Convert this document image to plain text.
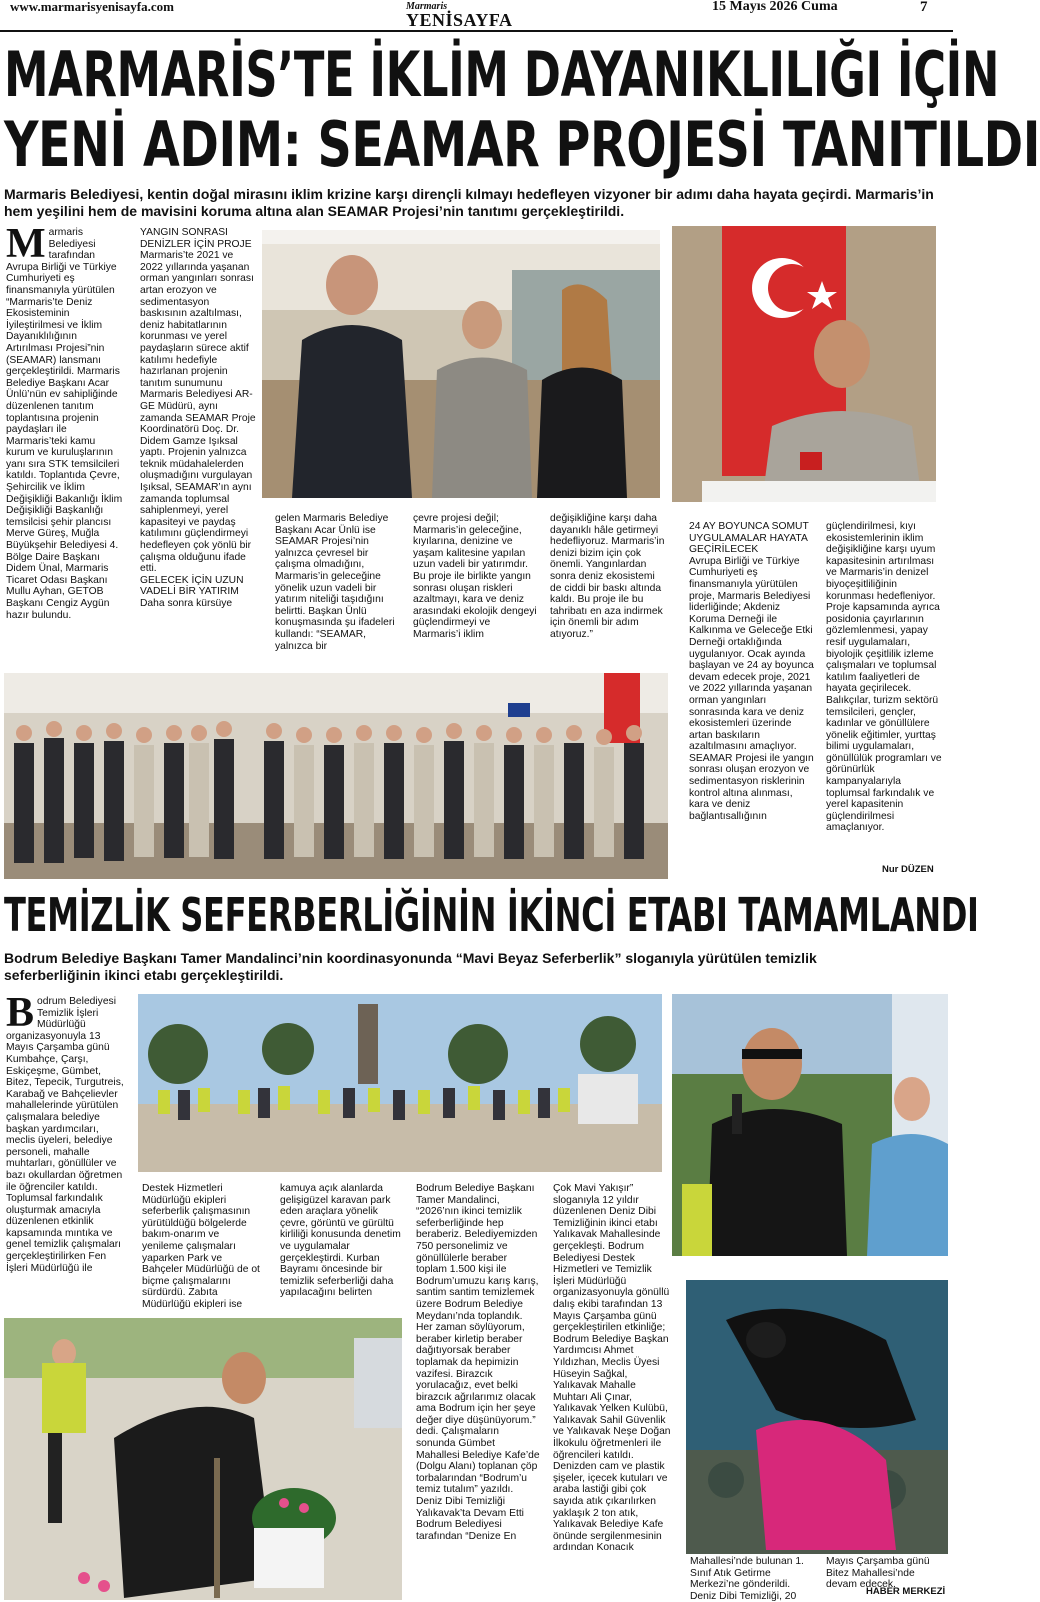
www.marmarisyenisayfa.com	Marmaris
YENİSAYFA
15 Mayıs 2026 Cuma	7
MARMARİS’TE İKLİM DAYANIKLILIĞI İÇİN
YENİ ADIM: SEAMAR PROJESİ TANITILDI
Marmaris Belediyesi, kentin doğal mirasını iklim krizine karşı dirençli kılmayı hedefleyen vizyoner bir adımı daha hayata geçirdi. Marmaris’in hem yeşilini hem de mavisini koruma altına alan SEAMAR Projesi’nin tanıtımı gerçekleştirildi.
Marmaris Belediyesi tarafından Avrupa Birliği ve Türkiye Cumhuriyeti eş finansmanıyla yürütülen “Marmaris’te Deniz Ekosisteminin İyileştirilmesi ve İklim Dayanıklılığının Artırılması Projesi”nin (SEAMAR) lansmanı gerçekleştirildi. Marmaris Belediye Başkanı Acar Ünlü’nün ev sahipliğinde düzenlenen tanıtım toplantısına projenin paydaşları ile Marmaris’teki kamu kurum ve kuruluşlarının yanı sıra STK temsilcileri katıldı. Toplantıda Çevre, Şehircilik ve İklim Değişikliği Bakanlığı İklim Değişikliği Başkanlığı temsilcisi şehir plancısı Merve Güreş, Muğla Büyükşehir Belediyesi 4. Bölge Daire Başkanı Didem Ünal, Marmaris Ticaret Odası Başkanı Mullu Ayhan, GETOB Başkanı Cengiz Aygün hazır bulundu.

YANGIN SONRASI DENİZLER İÇİN PROJE

Marmaris’te 2021 ve 2022 yıllarında yaşanan orman yangınları sonrası artan erozyon ve sedimentasyon baskısının azaltılması, deniz habitatlarının korunması ve yerel paydaşların sürece aktif katılımı hedefiyle hazırlanan projenin tanıtım sunumunu Marmaris Belediyesi AR-GE Müdürü, aynı zamanda SEAMAR Proje Koordinatörü Doç. Dr. Didem Gamze Işıksal yaptı. Projenin yalnızca teknik müdahalelerden oluşmadığını vurgulayan Işıksal, SEAMAR’ın aynı zamanda toplumsal sahiplenmeyi, yerel kapasiteyi ve paydaş katılımını güçlendirmeyi hedefleyen çok yönlü bir çalışma olduğunu ifade etti.

GELECEK İÇİN UZUN VADELİ BİR YATIRIM

Daha sonra kürsüye

gelen Marmaris Belediye Başkanı Acar Ünlü ise SEAMAR Projesi’nin yalnızca çevresel bir çalışma olmadığını, Marmaris’in geleceğine yönelik uzun vadeli bir yatırım niteliği taşıdığını belirtti. Başkan Ünlü konuşmasında şu ifadeleri kullandı: “SEAMAR, yalnızca bir
çevre projesi değil; Marmaris’in geleceğine, kıyılarına, denizine ve yaşam kalitesine yapılan uzun vadeli bir yatırımdır. Bu proje ile birlikte yangın sonrası oluşan riskleri azaltmayı, kara ve deniz arasındaki ekolojik dengeyi güçlendirmeyi ve Marmaris’i iklim
değişikliğine karşı daha dayanıklı hâle getirmeyi hedefliyoruz. Marmaris’in denizi bizim için çok önemli. Yangınlardan sonra deniz ekosistemi de ciddi bir baskı altında kaldı. Bu proje ile bu tahribatı en aza indirmek için önemli bir adım atıyoruz.”

24 AY BOYUNCA SOMUT UYGULAMALAR HAYATA GEÇİRİLECEK

Avrupa Birliği ve Türkiye Cumhuriyeti eş finansmanıyla yürütülen proje, Marmaris Belediyesi liderliğinde; Akdeniz Koruma Derneği ile Kalkınma ve Geleceğe Etki Derneği ortaklığında uygulanıyor. Ocak ayında başlayan ve 24 ay boyunca devam edecek proje, 2021 ve 2022 yıllarında yaşanan orman yangınları sonrasında kara ve deniz ekosistemleri üzerinde artan baskıların azaltılmasını amaçlıyor. SEAMAR Projesi ile yangın sonrası oluşan erozyon ve sedimentasyon risklerinin kontrol altına alınması, kara ve deniz bağlantısallığının

güçlendirilmesi, kıyı ekosistemlerinin iklim değişikliğine karşı uyum kapasitesinin artırılması ve Marmaris’in denizel biyoçeşitliliğinin korunması hedefleniyor. Proje kapsamında ayrıca posidonia çayırlarının gözlemlenmesi, yapay resif uygulamaları, biyolojik çeşitlilik izleme çalışmaları ve toplumsal katılım faaliyetleri de hayata geçirilecek. Balıkçılar, turizm sektörü temsilcileri, gençler, kadınlar ve gönüllülere yönelik eğitimler, yurttaş bilimi uygulamaları, gönüllülük programları ve görünürlük kampanyalarıyla toplumsal farkındalık ve yerel kapasitenin güçlendirilmesi amaçlanıyor.
Nur DÜZEN
TEMİZLİK SEFERBERLİĞİNİN İKİNCİ ETABI TAMAMLANDI
Bodrum Belediye Başkanı Tamer Mandalinci’nin koordinasyonunda “Mavi Beyaz Seferberlik” sloganıyla yürütülen temizlik seferberliğinin ikinci etabı gerçekleştirildi.
Bodrum Belediyesi Temizlik İşleri Müdürlüğü organizasyonuyla 13 Mayıs Çarşamba günü Kumbahçe, Çarşı, Eskiçeşme, Gümbet, Bitez, Tepecik, Turgutreis, Karabağ ve Bahçelievler mahallelerinde yürütülen çalışmalara belediye başkan yardımcıları, meclis üyeleri, belediye personeli, mahalle muhtarları, gönüllüler ve bazı okullardan öğretmen ile öğrenciler katıldı. Toplumsal farkındalık oluşturmak amacıyla düzenlenen etkinlik kapsamında mıntıka ve genel temizlik çalışmaları gerçekleştirilirken Fen İşleri Müdürlüğü ile
Destek Hizmetleri Müdürlüğü ekipleri seferberlik çalışmasının yürütüldüğü bölgelerde bakım-onarım ve yenileme çalışmaları yaparken Park ve Bahçeler Müdürlüğü de ot biçme çalışmalarını sürdürdü. Zabıta Müdürlüğü ekipleri ise
kamuya açık alanlarda gelişigüzel karavan park eden araçlara yönelik çevre, görüntü ve gürültü kirliliği konusunda denetim ve uygulamalar gerçekleştirdi. Kurban Bayramı öncesinde bir temizlik seferberliği daha yapılacağını belirten
Bodrum Belediye Başkanı Tamer Mandalinci, “2026’nın ikinci temizlik seferberliğinde hep beraberiz. Belediyemizden 750 personelimiz ve gönüllülerle beraber toplam 1.500 kişi ile Bodrum’umuzu karış karış, santim santim temizlemek üzere Bodrum Belediye Meydanı’nda toplandık. Her zaman söylüyorum, beraber kirletip beraber dağıtıyorsak beraber toplamak da hepimizin vazifesi. Birazcık yorulacağız, evet belki birazcık ağrılarımız olacak ama Bodrum için her şeye değer diye düşünüyorum.” dedi. Çalışmaların sonunda Gümbet Mahallesi Belediye Kafe’de (Dolgu Alanı) toplanan çöp torbalarından “Bodrum’u temiz tutalım” yazıldı. Deniz Dibi Temizliği Yalıkavak’ta Devam Etti Bodrum Belediyesi tarafından “Denize En
Çok Mavi Yakışır” sloganıyla 12 yıldır düzenlenen Deniz Dibi Temizliğinin ikinci etabı Yalıkavak Mahallesinde gerçekleşti. Bodrum Belediyesi Destek Hizmetleri ve Temizlik İşleri Müdürlüğü organizasyonuyla gönüllü dalış ekibi tarafından 13 Mayıs Çarşamba günü gerçekleştirilen etkinliğe; Bodrum Belediye Başkan Yardımcısı Ahmet Yıldızhan, Meclis Üyesi Hüseyin Sağkal, Yalıkavak Mahalle Muhtarı Ali Çınar, Yalıkavak Yelken Kulübü, Yalıkavak Sahil Güvenlik ve Yalıkavak Neşe Doğan İlkokulu öğretmenleri ile öğrencileri katıldı. Denizden cam ve plastik şişeler, içecek kutuları ve araba lastiği gibi çok sayıda atık çıkarılırken yaklaşık 2 ton atık, Yalıkavak Belediye Kafe önünde sergilenmesinin ardından Konacık
Mahallesi’nde bulunan 1. Sınıf Atık Getirme Merkezi’ne gönderildi. Deniz Dibi Temizliği, 20
Mayıs Çarşamba günü Bitez Mahallesi’nde devam edecek.
HABER MERKEZİ
